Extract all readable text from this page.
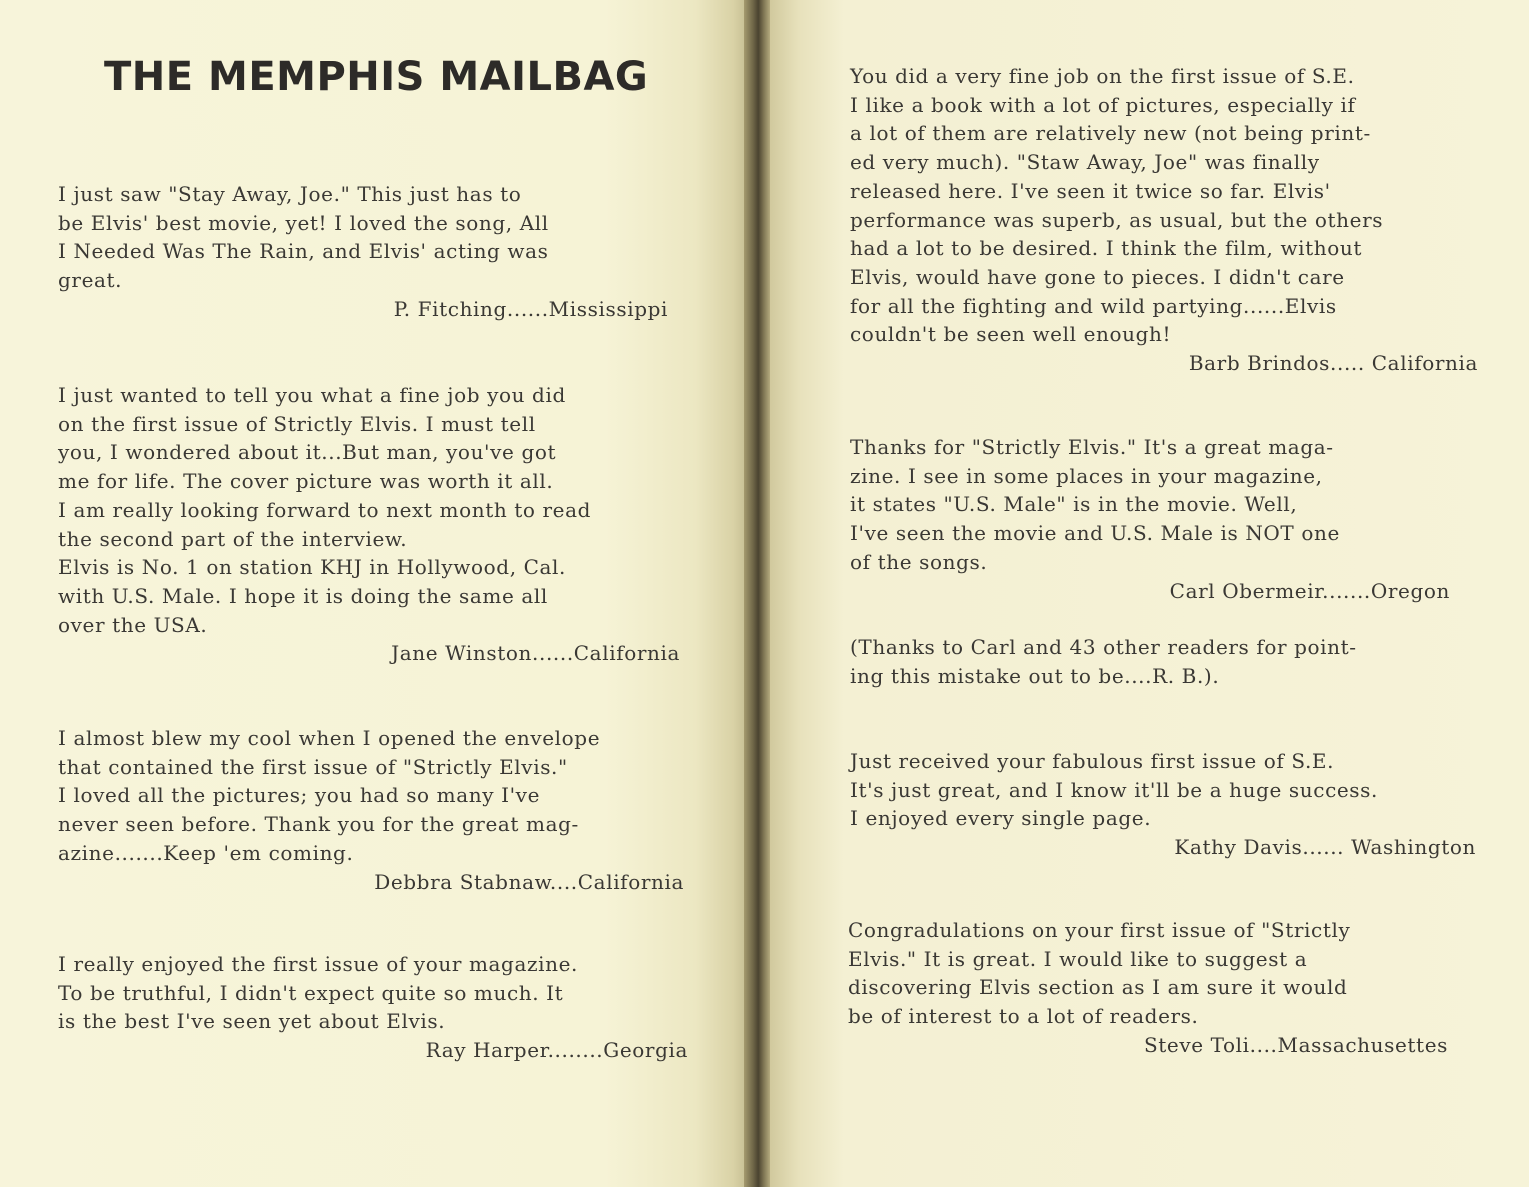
THE MEMPHIS MAILBAG
I just saw "Stay Away, Joe." This just has to
be Elvis' best movie, yet! I loved the song, All
I Needed Was The Rain, and Elvis' acting was
great.
P. Fitching......Mississippi
I just wanted to tell you what a fine job you did
on the first issue of Strictly Elvis. I must tell
you, I wondered about it...But man, you've got
me for life. The cover picture was worth it all.
I am really looking forward to next month to read
the second part of the interview.
Elvis is No. 1 on station KHJ in Hollywood, Cal.
with U.S. Male. I hope it is doing the same all
over the USA.
Jane Winston......California
I almost blew my cool when I opened the envelope
that contained the first issue of "Strictly Elvis."
I loved all the pictures; you had so many I've
never seen before. Thank you for the great mag-
azine.......Keep 'em coming.
Debbra Stabnaw....California
I really enjoyed the first issue of your magazine.
To be truthful, I didn't expect quite so much. It
is the best I've seen yet about Elvis.
Ray Harper........Georgia
You did a very fine job on the first issue of S.E.
I like a book with a lot of pictures, especially if
a lot of them are relatively new (not being print-
ed very much). "Staw Away, Joe" was finally
released here. I've seen it twice so far. Elvis'
performance was superb, as usual, but the others
had a lot to be desired. I think the film, without
Elvis, would have gone to pieces. I didn't care
for all the fighting and wild partying......Elvis
couldn't be seen well enough!
Barb Brindos..... California
Thanks for "Strictly Elvis." It's a great maga-
zine. I see in some places in your magazine,
it states "U.S. Male" is in the movie. Well,
I've seen the movie and U.S. Male is NOT one
of the songs.
Carl Obermeir.......Oregon
(Thanks to Carl and 43 other readers for point-
ing this mistake out to be....R. B.).
Just received your fabulous first issue of S.E.
It's just great, and I know it'll be a huge success.
I enjoyed every single page.
Kathy Davis...... Washington
Congradulations on your first issue of "Strictly
Elvis." It is great. I would like to suggest a
discovering Elvis section as I am sure it would
be of interest to a lot of readers.
Steve Toli....Massachusettes
